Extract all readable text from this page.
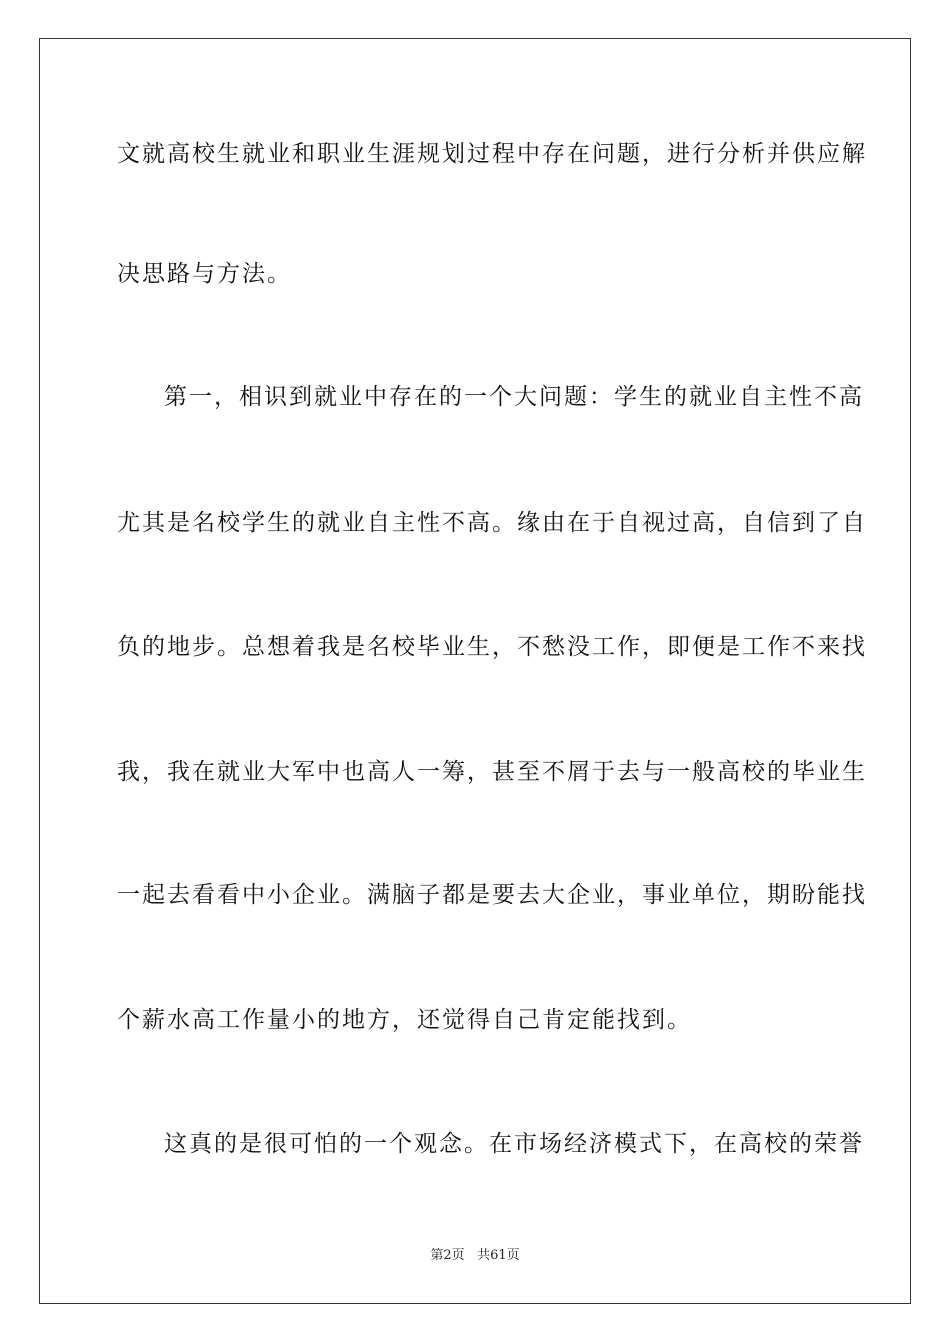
文就高校生就业和职业生涯规划过程中存在问题，进行分析并供应解
决思路与方法。
第一，相识到就业中存在的一个大问题：学生的就业自主性不高
尤其是名校学生的就业自主性不高。缘由在于自视过高，自信到了自
负的地步。总想着我是名校毕业生，不愁没工作，即便是工作不来找
我，我在就业大军中也高人一筹，甚至不屑于去与一般高校的毕业生
一起去看看中小企业。满脑子都是要去大企业，事业单位，期盼能找
个薪水高工作量小的地方，还觉得自己肯定能找到。
这真的是很可怕的一个观念。在市场经济模式下，在高校的荣誉
第2页 共61页
